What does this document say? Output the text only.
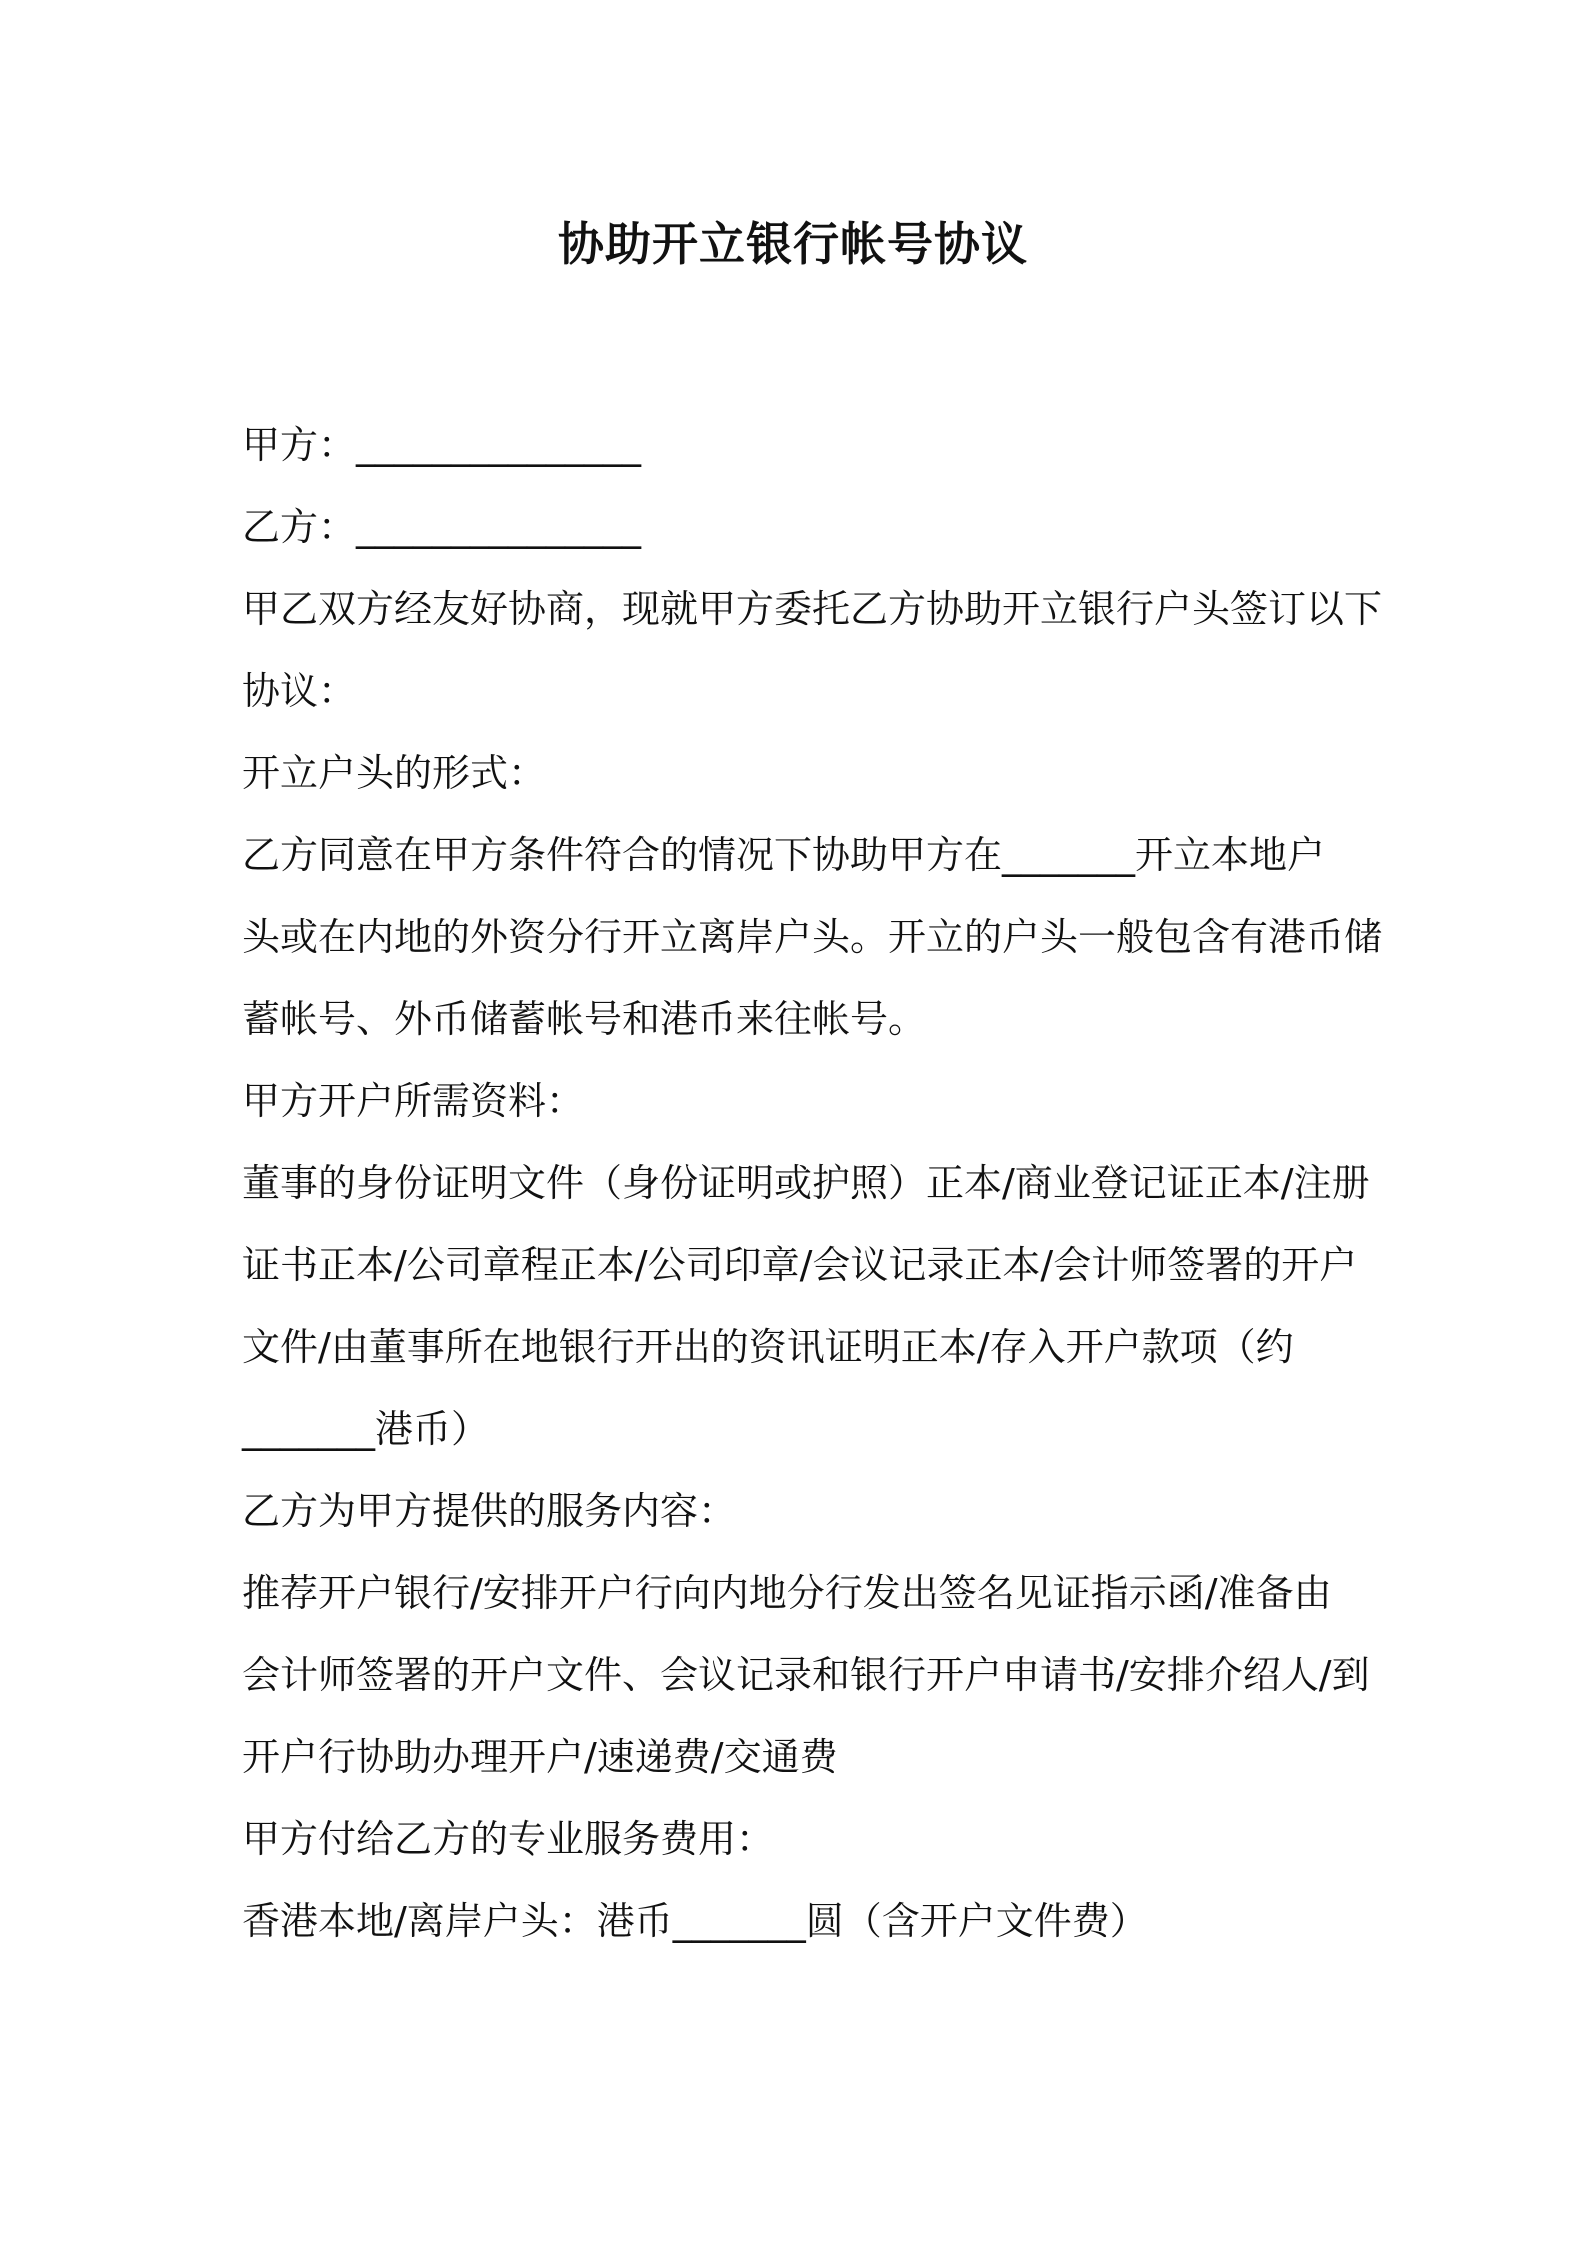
协助开立银行帐号协议
甲方：_______________
乙方：_______________
甲乙双方经友好协商，现就甲方委托乙方协助开立银行户头签订以下
协议：
开立户头的形式：
乙方同意在甲方条件符合的情况下协助甲方在_______开立本地户
头或在内地的外资分行开立离岸户头。开立的户头一般包含有港币储
蓄帐号、外币储蓄帐号和港币来往帐号。
甲方开户所需资料：
董事的身份证明文件（身份证明或护照）正本/商业登记证正本/注册
证书正本/公司章程正本/公司印章/会议记录正本/会计师签署的开户
文件/由董事所在地银行开出的资讯证明正本/存入开户款项（约
_______港币）
乙方为甲方提供的服务内容：
推荐开户银行/安排开户行向内地分行发出签名见证指示函/准备由
会计师签署的开户文件、会议记录和银行开户申请书/安排介绍人/到
开户行协助办理开户/速递费/交通费
甲方付给乙方的专业服务费用：
香港本地/离岸户头：港币_______圆（含开户文件费）
